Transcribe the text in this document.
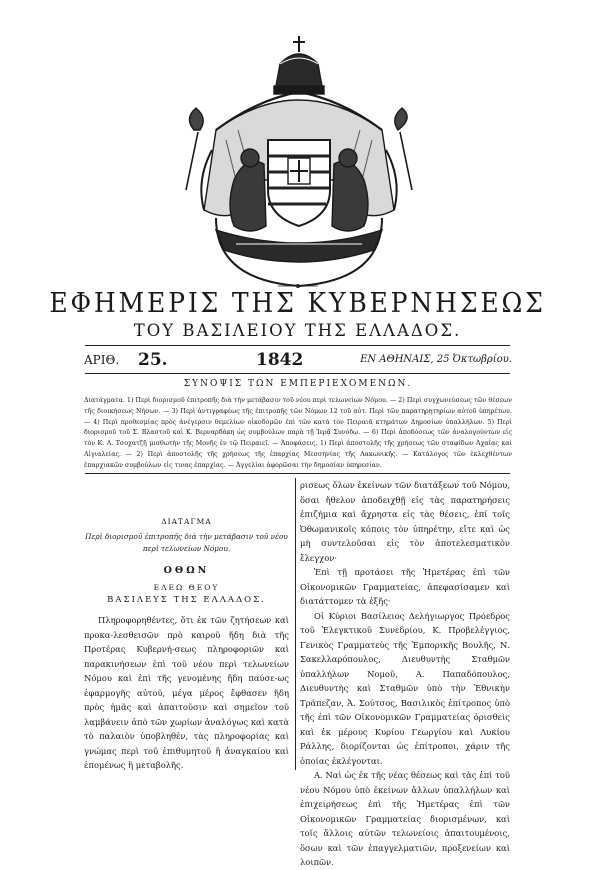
ΕΦΗΜΕΡΙΣ ΤΗΣ ΚΥΒΕΡΝΗΣΕΩΣ
ΤΟΥ ΒΑΣΙΛΕΙΟΥ ΤΗΣ ΕΛΛΑΔΟΣ.
ΑΡΙΘ. 25.	1842	ΕΝ ΑΘΗΝΑΙΣ, 25 Ὀκτωβρίου.
ΣΥΝΟΨΙΣ ΤΩΝ ΕΜΠΕΡΙΕΧΟΜΕΝΩΝ.

Διατάγματα. 1) Περὶ διορισμοῦ ἐπιτροπῆς διὰ τὴν μετάβασιν τοῦ νέου περὶ τελωνείων Νόμου. — 2) Περὶ συγχωνεύσεως τῶν θέσεων τῆς διοικήσεως Νήσων. — 3) Περὶ ἀντιγραφέως τῆς ἐπιτροπῆς τῶν Νόμων 12 τοῦ αὐτ. Περὶ τῶν παρατηρητηρίων αὐτοῦ ὑπηρέτων. — 4) Περὶ προθεσμίας πρὸς ἀνέγερσιν θεμελίων οἰκοδομῶν ἐπὶ τῶν κατὰ τὸν Πειραιᾶ κτημάτων Δημοσίων ὑπαλλήλων. 5) Περὶ διορισμοῦ τοῦ Σ. Βλαστοῦ καὶ Κ. Βερναρδάκη ὡς συμβούλων παρὰ τῇ Ἱερᾷ Συνόδῳ. — 6) Περὶ ἀποδόσεως τῶν ἀναλογούντων εἰς τὸν Κ. Α. Τσοχατζῆ μισθωτὴν τῆς Μονῆς ἐν τῷ Πειραιεῖ. — Ἀποφάσεις. 1) Περὶ ἀποστολῆς τῆς χρήσεως τῶν σταφίδων Ἀχαΐας καὶ Αἰγιαλείας. — 2) Περὶ ἀποστολῆς τῆς χρήσεως τῆς ἐπαρχίας Μεσσηνίας τῆς Λακωνικῆς. — Κατάλογος τῶν ἐκλεχθέντων ἐπαρχιακῶν συμβούλων εἰς τινας ἐπαρχίας. — Ἀγγελίαι ἀφορῶσαι τὴν δημοσίαν ὑπηρεσίαν.

ΔΙΑΤΑΓΜΑ
Περὶ διορισμοῦ ἐπιτροπῆς διὰ τὴν μετάβασιν τοῦ νέου περὶ τελωνείων Νόμου.
ΟΘΩΝ
ΕΛΕΩ ΘΕΟΥ
ΒΑΣΙΛΕΥΣ ΤΗΣ ΕΛΛΑΔΟΣ.

Πληροφορηθέντες, ὅτι ἐκ τῶν ζητήσεων καὶ προκα-λεσθεισῶν πρὸ καιροῦ ἤδη διὰ τῆς Προτέρας Κυβερνή-σεως πληροφοριῶν καὶ παρακινήσεων ἐπὶ τοῦ νέου περὶ τελωνείων Νόμου καὶ ἐπὶ τῆς γενομένης ἤδη παύσε-ως ἐφαρμογῆς αὐτοῦ, μέγα μέρος ἔφθασεν ἤδη πρὸς ἡμᾶς καὶ ἀπαιτοῦσιν καὶ σημεῖον τοῦ λαμβάνειν ἀπὸ τῶν χωρίων ἀναλόγως καὶ κατὰ τὸ παλαιὸν ὑποβληθέν, τὰς πληροφορίας καὶ γνώμας περὶ τοῦ ἐπιθυμητοῦ ἢ ἀναγκαίου καὶ ἑπομένως ἢ μεταβολῆς.

ρισεως ὅλων ἐκείνων τῶν διατάξεων τοῦ Νόμου, ὅσαι ἤθελον ἀποδειχθῇ εἰς τὰς παρατηρήσεις ἐπιζήμια καὶ ἄχρηστα εἰς τὰς θέσεις, ἐπί τοῖς Ὀθωμανικοῖς κόποις τὸν ὑπηρέτην, εἴτε καὶ ὡς μὴ συντελοῦσαι εἰς τὸν ἀποτελεσματικὸν ἔλεγχον·

Ἐπὶ τῇ προτάσει τῆς Ἡμετέρας ἐπὶ τῶν Οἰκονομικῶν Γραμματείας, ἀπεφασίσαμεν καὶ διατάττομεν τὰ ἑξῆς·

Οἱ Κύριοι Βασίλειος Δελήγιωργος Πρόεδρος τοῦ Ἐλεγκτικοῦ Συνεδρίου, Κ. Προβελέγγιος, Γενικὸς Γραμματεὺς τῆς Ἐμπορικῆς Βουλῆς, Ν. Σακελλαρόπουλος, Διευθυντὴς Σταθμῶν ὑπαλλήλων Νομοῦ, Α. Παπαδόπουλος, Διευθυντὴς καὶ Σταθμῶν ὑπὸ τὴν Ἐθνικὴν Τράπεζαν, Ἀ. Σούτσος, Βασιλικὸς ἐπίτροπος ὑπὸ τῆς ἐπὶ τῶν Οἰκονομικῶν Γραμματείας ὁρισθεὶς καὶ ἐκ μέρους Κυρίου Γεωργίου καὶ Λυκίου Ράλλης, διορίζονται ὡς ἐπίτροποι, χάριν τῆς ὁποίας ἐκλέγονται.

Α. Ναὶ ὡς ἐκ τῆς νέας θέσεως καὶ τὰς ἐπὶ τοῦ νέου Νόμου ὑπὸ ἐκείνων ἄλλων ὑπαλλήλων καὶ ἐπιχειρήσεως ἐπὶ τῆς Ἡμετέρας ἐπὶ τῶν Οἰκονομικῶν Γραμματείας διορισμένων, καὶ τοῖς ἄλλοις αὐτῶν τελωνείοις ἀπαιτουμένοις, ὅσων καὶ τῶν ἐπαγγελματιῶν, προξενείων καὶ λοιπῶν.
